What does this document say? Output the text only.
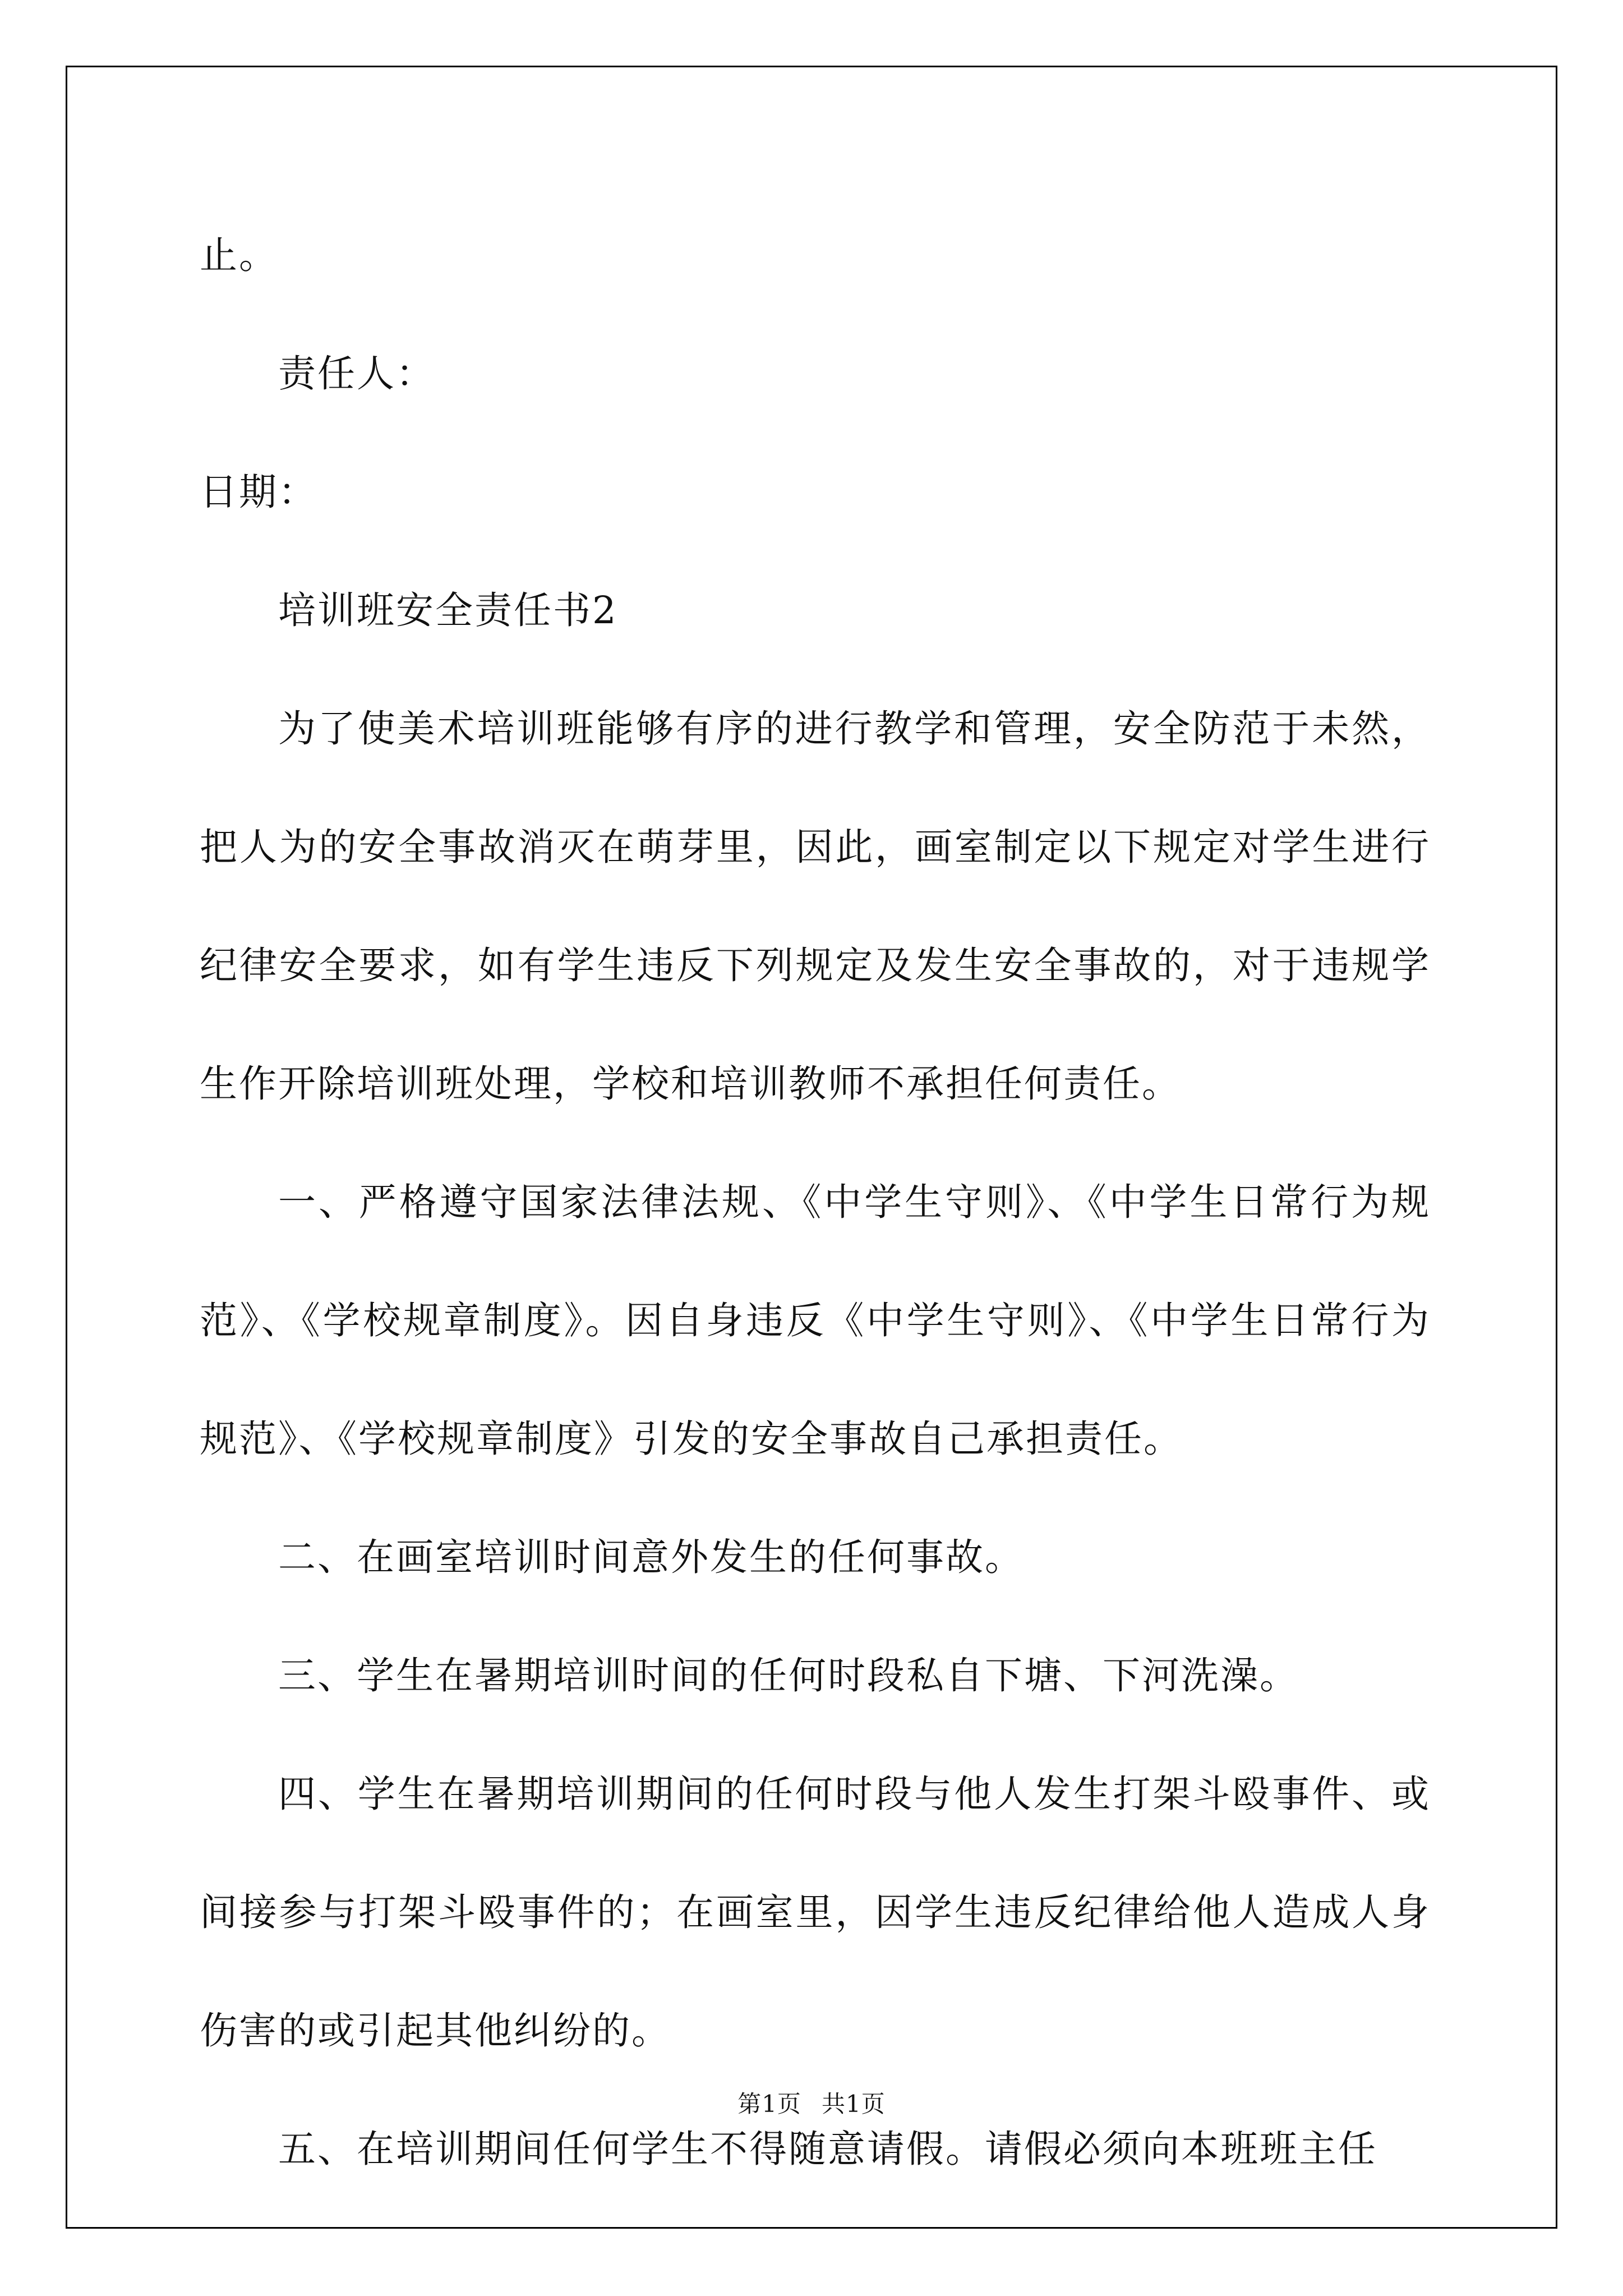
止。

责任人：

日期：

培训班安全责任书2

为了使美术培训班能够有序的进行教学和管理，安全防范于未然，把人为的安全事故消灭在萌芽里，因此，画室制定以下规定对学生进行纪律安全要求，如有学生违反下列规定及发生安全事故的，对于违规学生作开除培训班处理，学校和培训教师不承担任何责任。

一、严格遵守国家法律法规、《中学生守则》、《中学生日常行为规范》、《学校规章制度》。因自身违反《中学生守则》、《中学生日常行为规范》、《学校规章制度》引发的安全事故自己承担责任。

二、在画室培训时间意外发生的任何事故。

三、学生在暑期培训时间的任何时段私自下塘、下河洗澡。

四、学生在暑期培训期间的任何时段与他人发生打架斗殴事件、或间接参与打架斗殴事件的；在画室里，因学生违反纪律给他人造成人身伤害的或引起其他纠纷的。

五、在培训期间任何学生不得随意请假。请假必须向本班班主任

第1页 共1页
